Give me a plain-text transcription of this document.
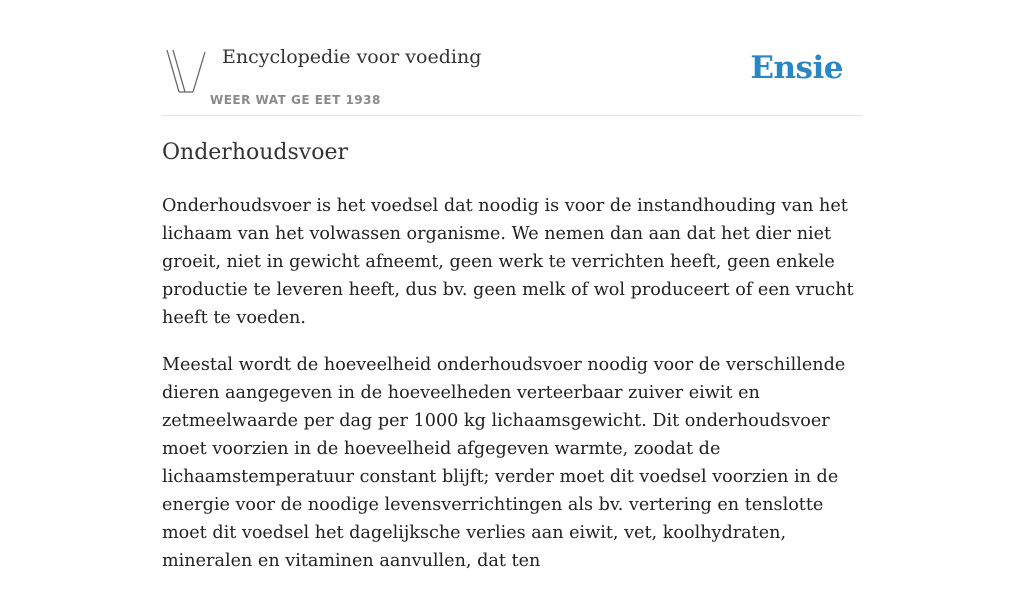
Encyclopedie voor voeding
WEER WAT GE EET 1938
Ensie
Onderhoudsvoer

Onderhoudsvoer is het voedsel dat noodig is voor de instandhouding van het lichaam van het volwassen organisme. We nemen dan aan dat het dier niet groeit, niet in gewicht afneemt, geen werk te verrichten heeft, geen enkele productie te leveren heeft, dus bv. geen melk of wol produceert of een vrucht heeft te voeden.

Meestal wordt de hoeveelheid onderhoudsvoer noodig voor de verschillende dieren aangegeven in de hoeveelheden verteerbaar zuiver eiwit en zetmeelwaarde per dag per 1000 kg lichaamsgewicht. Dit onderhoudsvoer moet voorzien in de hoeveelheid afgegeven warmte, zoodat de lichaamstemperatuur constant blijft; verder moet dit voedsel voorzien in de energie voor de noodige levensverrichtingen als bv. vertering en tenslotte moet dit voedsel het dagelijksche verlies aan eiwit, vet, koolhydraten, mineralen en vitaminen aanvullen, dat ten
